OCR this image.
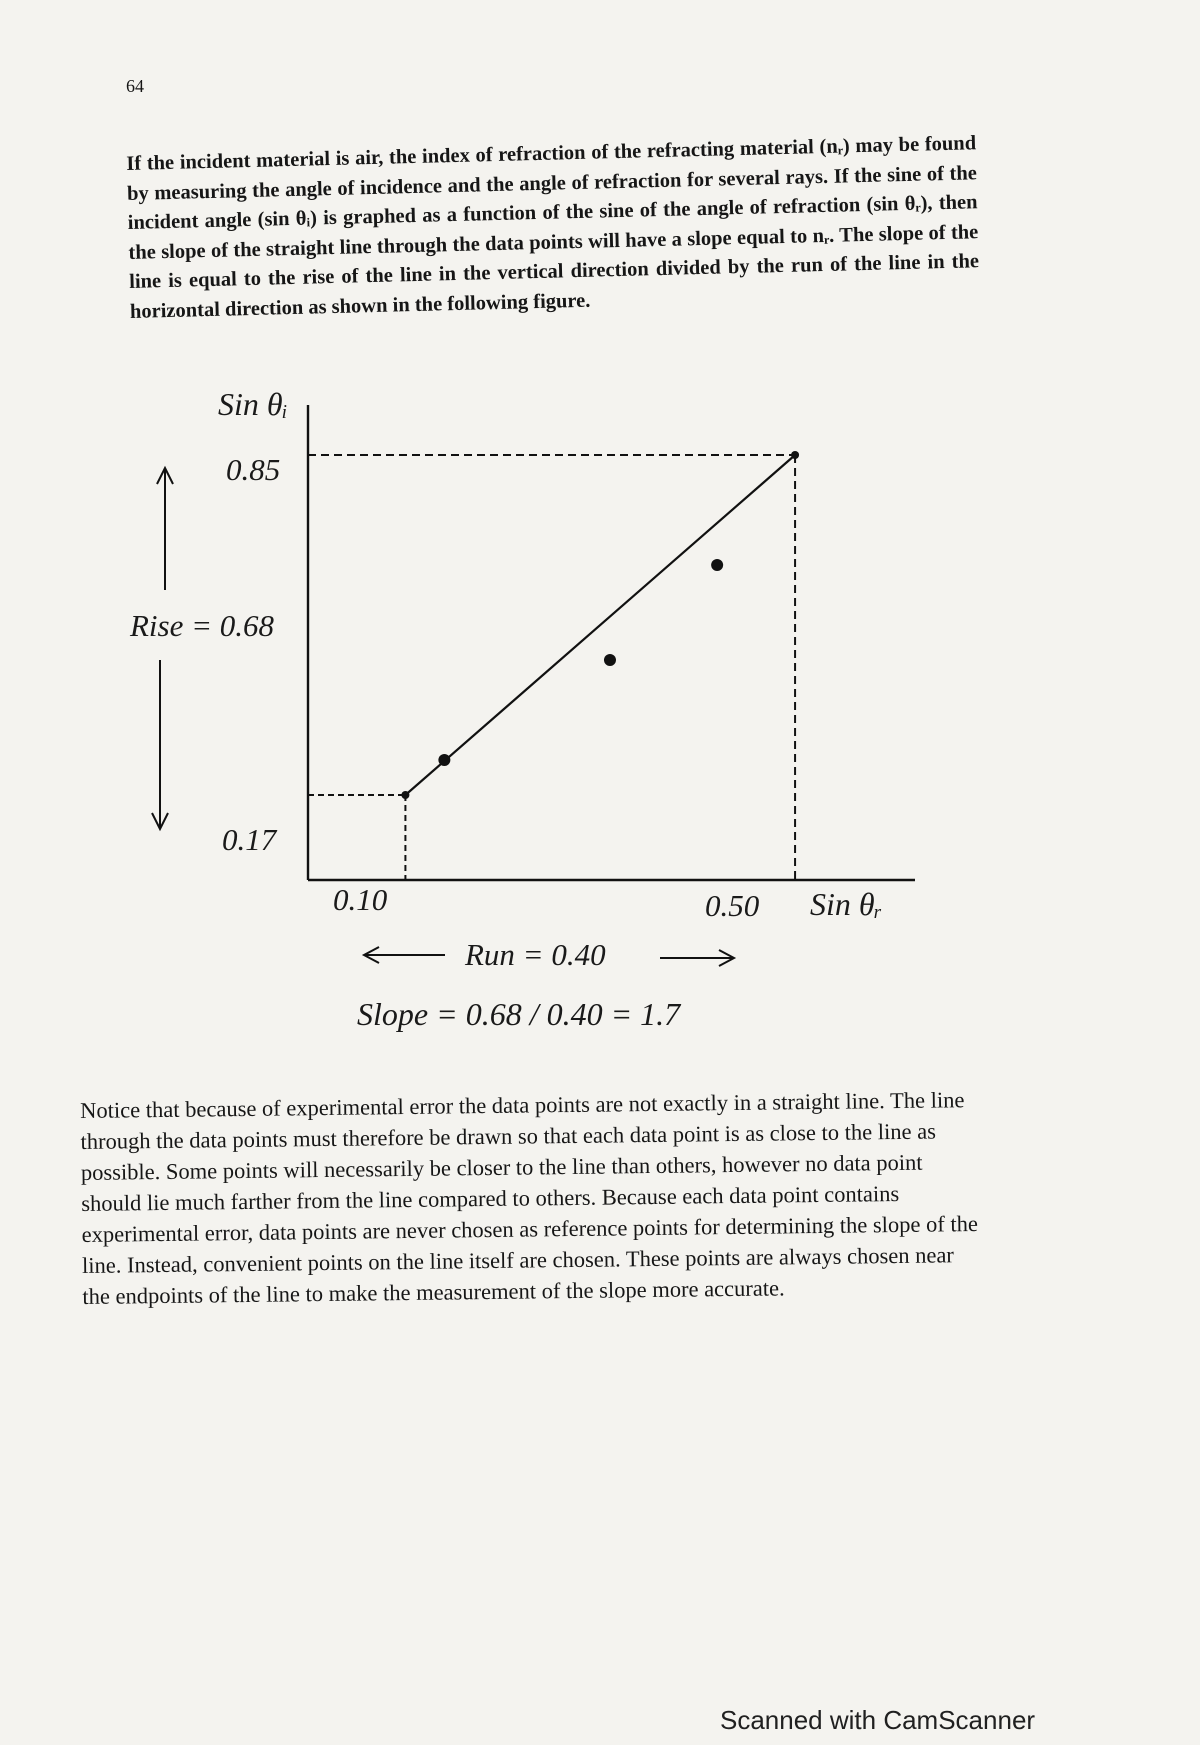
64

If the incident material is air, the index of refraction of the refracting material (nᵣ) may be found by measuring the angle of incidence and the angle of refraction for several rays. If the sine of the incident angle (sin θᵢ) is graphed as a function of the sine of the angle of refraction (sin θᵣ), then the slope of the straight line through the data points will have a slope equal to nᵣ. The slope of the line is equal to the rise of the line in the vertical direction divided by the run of the line in the horizontal direction as shown in the following figure.

Sin θᵢ
Sin θᵣ
0.85
0.17
0.10	0.50
Rise = 0.68
Run = 0.40
Slope = 0.68 / 0.40 = 1.7

Notice that because of experimental error the data points are not exactly in a straight line. The line through the data points must therefore be drawn so that each data point is as close to the line as possible. Some points will necessarily be closer to the line than others, however no data point should lie much farther from the line compared to others. Because each data point contains experimental error, data points are never chosen as reference points for determining the slope of the line. Instead, convenient points on the line itself are chosen. These points are always chosen near the endpoints of the line to make the measurement of the slope more accurate.

Scanned with CamScanner
